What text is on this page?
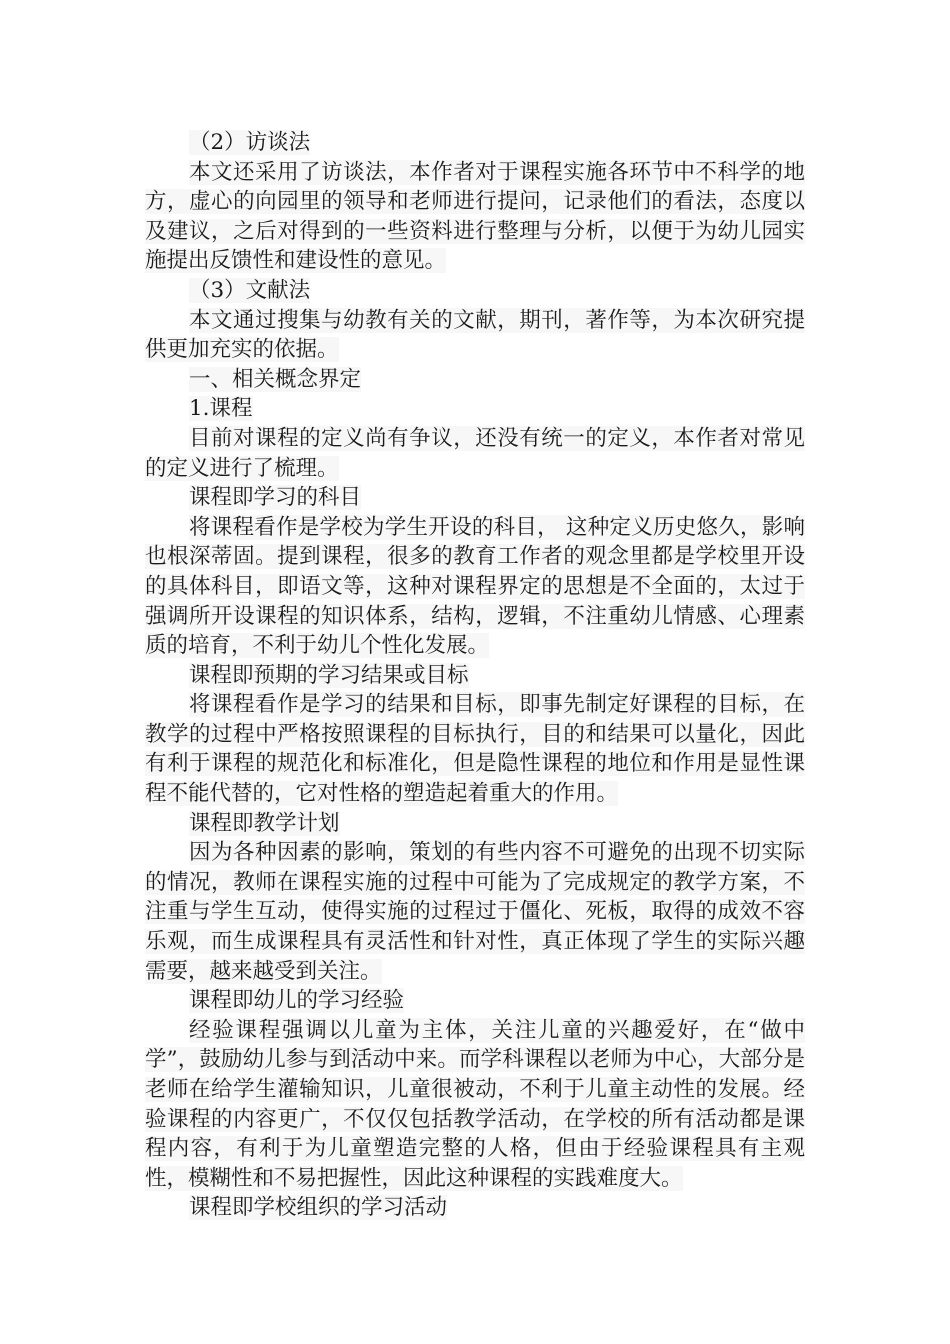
（2）访谈法

本文还采用了访谈法，本作者对于课程实施各环节中不科学的地方，虚心的向园里的领导和老师进行提问，记录他们的看法，态度以及建议，之后对得到的一些资料进行整理与分析，以便于为幼儿园实施提出反馈性和建设性的意见。

（3）文献法

本文通过搜集与幼教有关的文献，期刊，著作等，为本次研究提供更加充实的依据。

一、相关概念界定

1.课程

目前对课程的定义尚有争议，还没有统一的定义，本作者对常见的定义进行了梳理。

课程即学习的科目

将课程看作是学校为学生开设的科目， 这种定义历史悠久，影响也根深蒂固。提到课程，很多的教育工作者的观念里都是学校里开设的具体科目，即语文等，这种对课程界定的思想是不全面的，太过于强调所开设课程的知识体系，结构，逻辑，不注重幼儿情感、心理素质的培育，不利于幼儿个性化发展。

课程即预期的学习结果或目标

将课程看作是学习的结果和目标，即事先制定好课程的目标，在教学的过程中严格按照课程的目标执行，目的和结果可以量化，因此有利于课程的规范化和标准化，但是隐性课程的地位和作用是显性课程不能代替的，它对性格的塑造起着重大的作用。

课程即教学计划

因为各种因素的影响，策划的有些内容不可避免的出现不切实际的情况，教师在课程实施的过程中可能为了完成规定的教学方案，不注重与学生互动，使得实施的过程过于僵化、死板，取得的成效不容乐观，而生成课程具有灵活性和针对性，真正体现了学生的实际兴趣需要，越来越受到关注。

课程即幼儿的学习经验

经验课程强调以儿童为主体，关注儿童的兴趣爱好，在“做中学”，鼓励幼儿参与到活动中来。而学科课程以老师为中心，大部分是老师在给学生灌输知识，儿童很被动，不利于儿童主动性的发展。经验课程的内容更广，不仅仅包括教学活动，在学校的所有活动都是课程内容，有利于为儿童塑造完整的人格，但由于经验课程具有主观性，模糊性和不易把握性，因此这种课程的实践难度大。

课程即学校组织的学习活动
